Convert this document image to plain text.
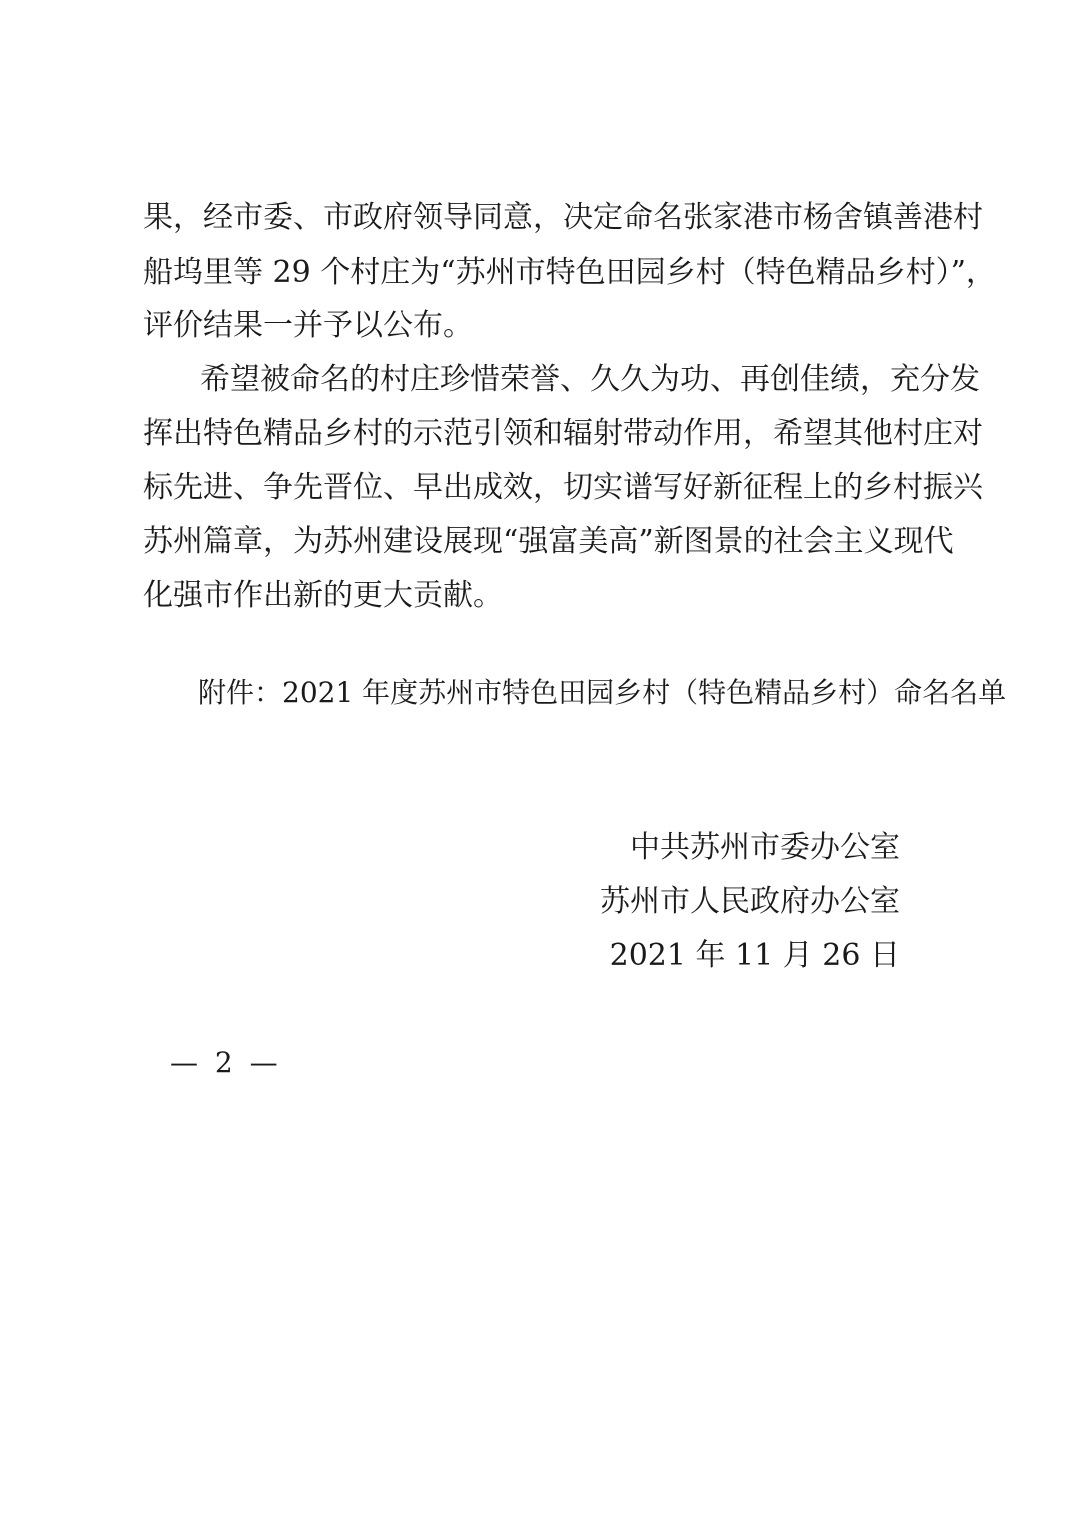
果，经市委、市政府领导同意，决定命名张家港市杨舍镇善港村
船坞里等 29 个村庄为“苏州市特色田园乡村（特色精品乡村）”，
评价结果一并予以公布。
希望被命名的村庄珍惜荣誉、久久为功、再创佳绩，充分发
挥出特色精品乡村的示范引领和辐射带动作用，希望其他村庄对
标先进、争先晋位、早出成效，切实谱写好新征程上的乡村振兴
苏州篇章，为苏州建设展现“强富美高”新图景的社会主义现代
化强市作出新的更大贡献。
附件：2021 年度苏州市特色田园乡村（特色精品乡村）命名名单
中共苏州市委办公室
苏州市人民政府办公室
2021 年 11 月 26 日
— 2 —
